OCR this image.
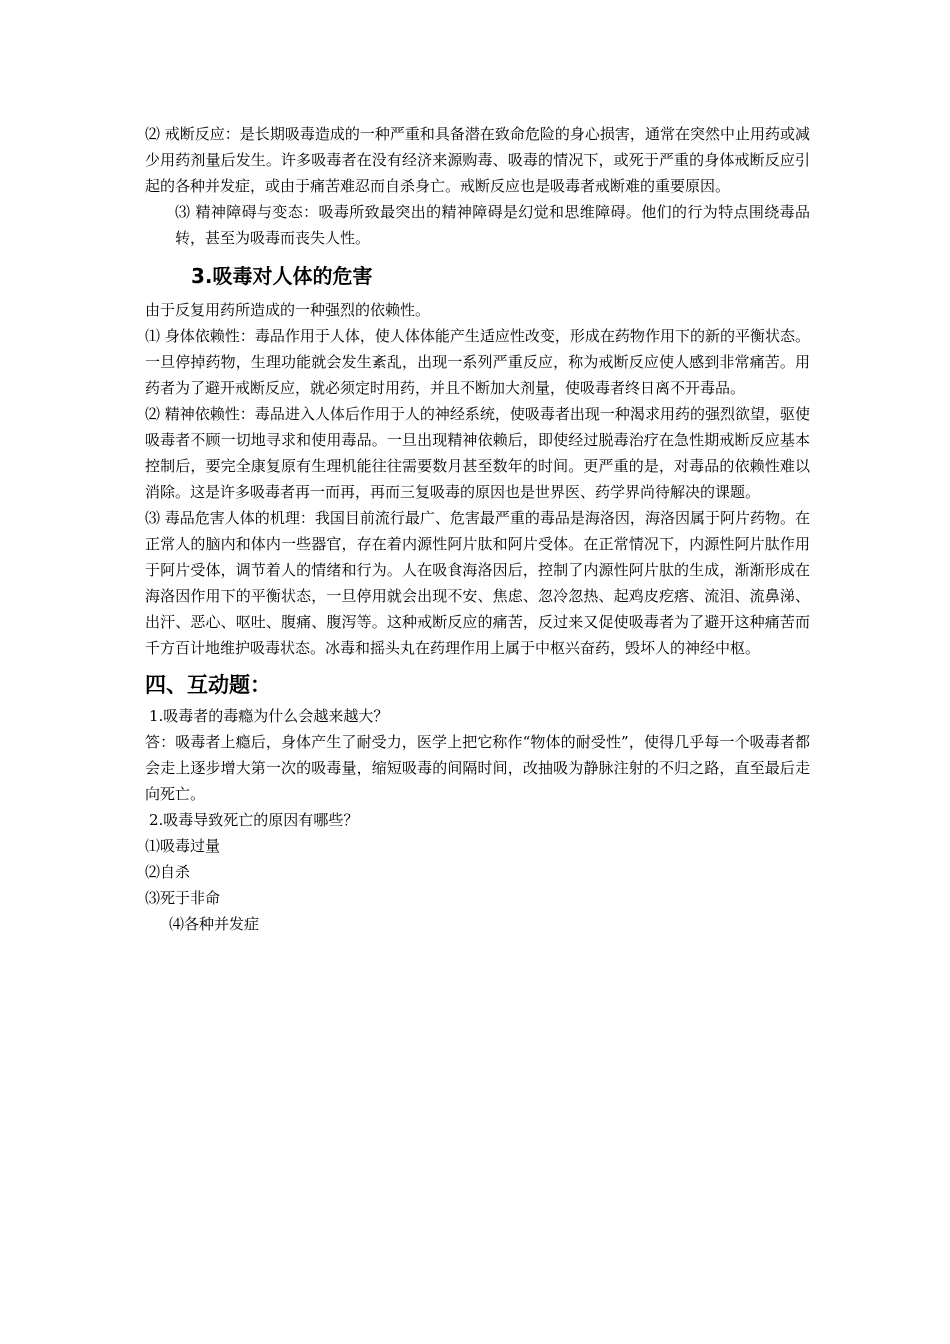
⑵ 戒断反应：是长期吸毒造成的一种严重和具备潜在致命危险的身心损害，通常在突然中止用药或减少用药剂量后发生。许多吸毒者在没有经济来源购毒、吸毒的情况下，或死于严重的身体戒断反应引起的各种并发症，或由于痛苦难忍而自杀身亡。戒断反应也是吸毒者戒断难的重要原因。

⑶ 精神障碍与变态：吸毒所致最突出的精神障碍是幻觉和思维障碍。他们的行为特点围绕毒品转，甚至为吸毒而丧失人性。

3.吸毒对人体的危害

由于反复用药所造成的一种强烈的依赖性。

⑴ 身体依赖性：毒品作用于人体，使人体体能产生适应性改变，形成在药物作用下的新的平衡状态。一旦停掉药物，生理功能就会发生紊乱，出现一系列严重反应，称为戒断反应使人感到非常痛苦。用药者为了避开戒断反应，就必须定时用药，并且不断加大剂量，使吸毒者终日离不开毒品。

⑵ 精神依赖性：毒品进入人体后作用于人的神经系统，使吸毒者出现一种渴求用药的强烈欲望，驱使吸毒者不顾一切地寻求和使用毒品。一旦出现精神依赖后，即使经过脱毒治疗在急性期戒断反应基本控制后，要完全康复原有生理机能往往需要数月甚至数年的时间。更严重的是，对毒品的依赖性难以消除。这是许多吸毒者再一而再，再而三复吸毒的原因也是世界医、药学界尚待解决的课题。

⑶ 毒品危害人体的机理：我国目前流行最广、危害最严重的毒品是海洛因，海洛因属于阿片药物。在正常人的脑内和体内一些器官，存在着内源性阿片肽和阿片受体。在正常情况下，内源性阿片肽作用于阿片受体，调节着人的情绪和行为。人在吸食海洛因后，控制了内源性阿片肽的生成，渐渐形成在海洛因作用下的平衡状态，一旦停用就会出现不安、焦虑、忽冷忽热、起鸡皮疙瘩、流泪、流鼻涕、出汗、恶心、呕吐、腹痛、腹泻等。这种戒断反应的痛苦，反过来又促使吸毒者为了避开这种痛苦而千方百计地维护吸毒状态。冰毒和摇头丸在药理作用上属于中枢兴奋药，毁坏人的神经中枢。

四、互动题：

1.吸毒者的毒瘾为什么会越来越大？

答：吸毒者上瘾后，身体产生了耐受力，医学上把它称作“物体的耐受性”，使得几乎每一个吸毒者都会走上逐步增大第一次的吸毒量，缩短吸毒的间隔时间，改抽吸为静脉注射的不归之路，直至最后走向死亡。

2.吸毒导致死亡的原因有哪些？

⑴吸毒过量

⑵自杀

⑶死于非命

⑷各种并发症
